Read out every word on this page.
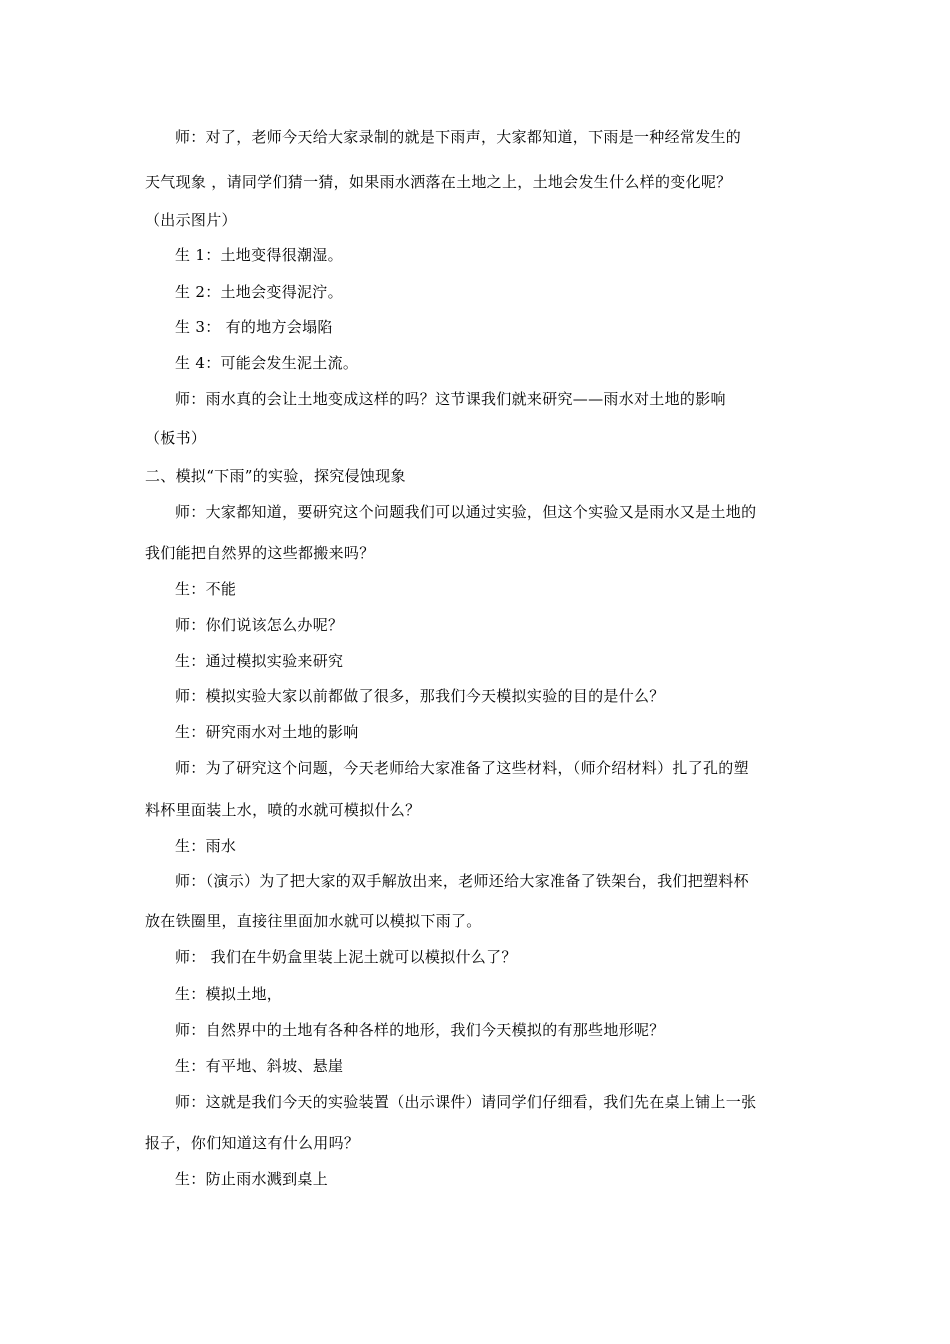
师：对了，老师今天给大家录制的就是下雨声，大家都知道，下雨是一种经常发生的
天气现象 ，请同学们猜一猜，如果雨水洒落在土地之上，土地会发生什么样的变化呢？
（出示图片）
生 1：土地变得很潮湿。
生 2：土地会变得泥泞。
生 3： 有的地方会塌陷
生 4：可能会发生泥土流。
师：雨水真的会让土地变成这样的吗？这节课我们就来研究——雨水对土地的影响
（板书）
二、模拟“下雨”的实验，探究侵蚀现象
师：大家都知道，要研究这个问题我们可以通过实验，但这个实验又是雨水又是土地的
我们能把自然界的这些都搬来吗？
生：不能
师：你们说该怎么办呢？
生：通过模拟实验来研究
师：模拟实验大家以前都做了很多，那我们今天模拟实验的目的是什么？
生：研究雨水对土地的影响
师：为了研究这个问题，今天老师给大家准备了这些材料，（师介绍材料）扎了孔的塑
料杯里面装上水，喷的水就可模拟什么？
生：雨水
师：（演示）为了把大家的双手解放出来，老师还给大家准备了铁架台，我们把塑料杯
放在铁圈里，直接往里面加水就可以模拟下雨了。
师： 我们在牛奶盒里装上泥土就可以模拟什么了？
生：模拟土地，
师：自然界中的土地有各种各样的地形，我们今天模拟的有那些地形呢？
生：有平地、斜坡、悬崖
师：这就是我们今天的实验装置（出示课件）请同学们仔细看，我们先在桌上铺上一张
报子，你们知道这有什么用吗？
生：防止雨水溅到桌上
